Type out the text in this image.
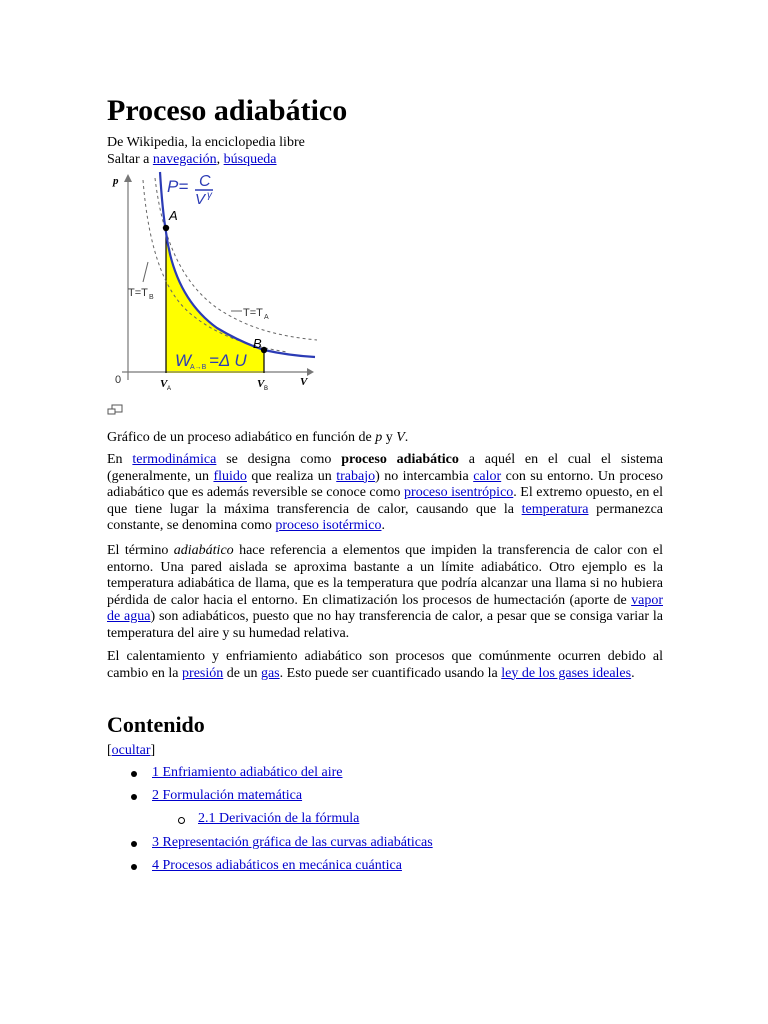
Proceso adiabático
De Wikipedia, la enciclopedia libre
Saltar a navegación, búsqueda
P= C
V γ
p
V
0
A
B
T=T B
T=T A
W
A→B =Δ U
V A	V B
Gráfico de un proceso adiabático en función de p y V.

En termodinámica se designa como proceso adiabático a aquél en el cual el sistema (generalmente, un fluido que realiza un trabajo) no intercambia calor con su entorno. Un proceso adiabático que es además reversible se conoce como proceso isentrópico. El extremo opuesto, en el que tiene lugar la máxima transferencia de calor, causando que la temperatura permanezca constante, se denomina como proceso isotérmico.

El término adiabático hace referencia a elementos que impiden la transferencia de calor con el entorno. Una pared aislada se aproxima bastante a un límite adiabático. Otro ejemplo es la temperatura adiabática de llama, que es la temperatura que podría alcanzar una llama si no hubiera pérdida de calor hacia el entorno. En climatización los procesos de humectación (aporte de vapor de agua) son adiabáticos, puesto que no hay transferencia de calor, a pesar que se consiga variar la temperatura del aire y su humedad relativa.

El calentamiento y enfriamiento adiabático son procesos que comúnmente ocurren debido al cambio en la presión de un gas. Esto puede ser cuantificado usando la ley de los gases ideales.

Contenido
[ocultar]
1 Enfriamiento adiabático del aire
2 Formulación matemática
2.1 Derivación de la fórmula
3 Representación gráfica de las curvas adiabáticas
4 Procesos adiabáticos en mecánica cuántica
